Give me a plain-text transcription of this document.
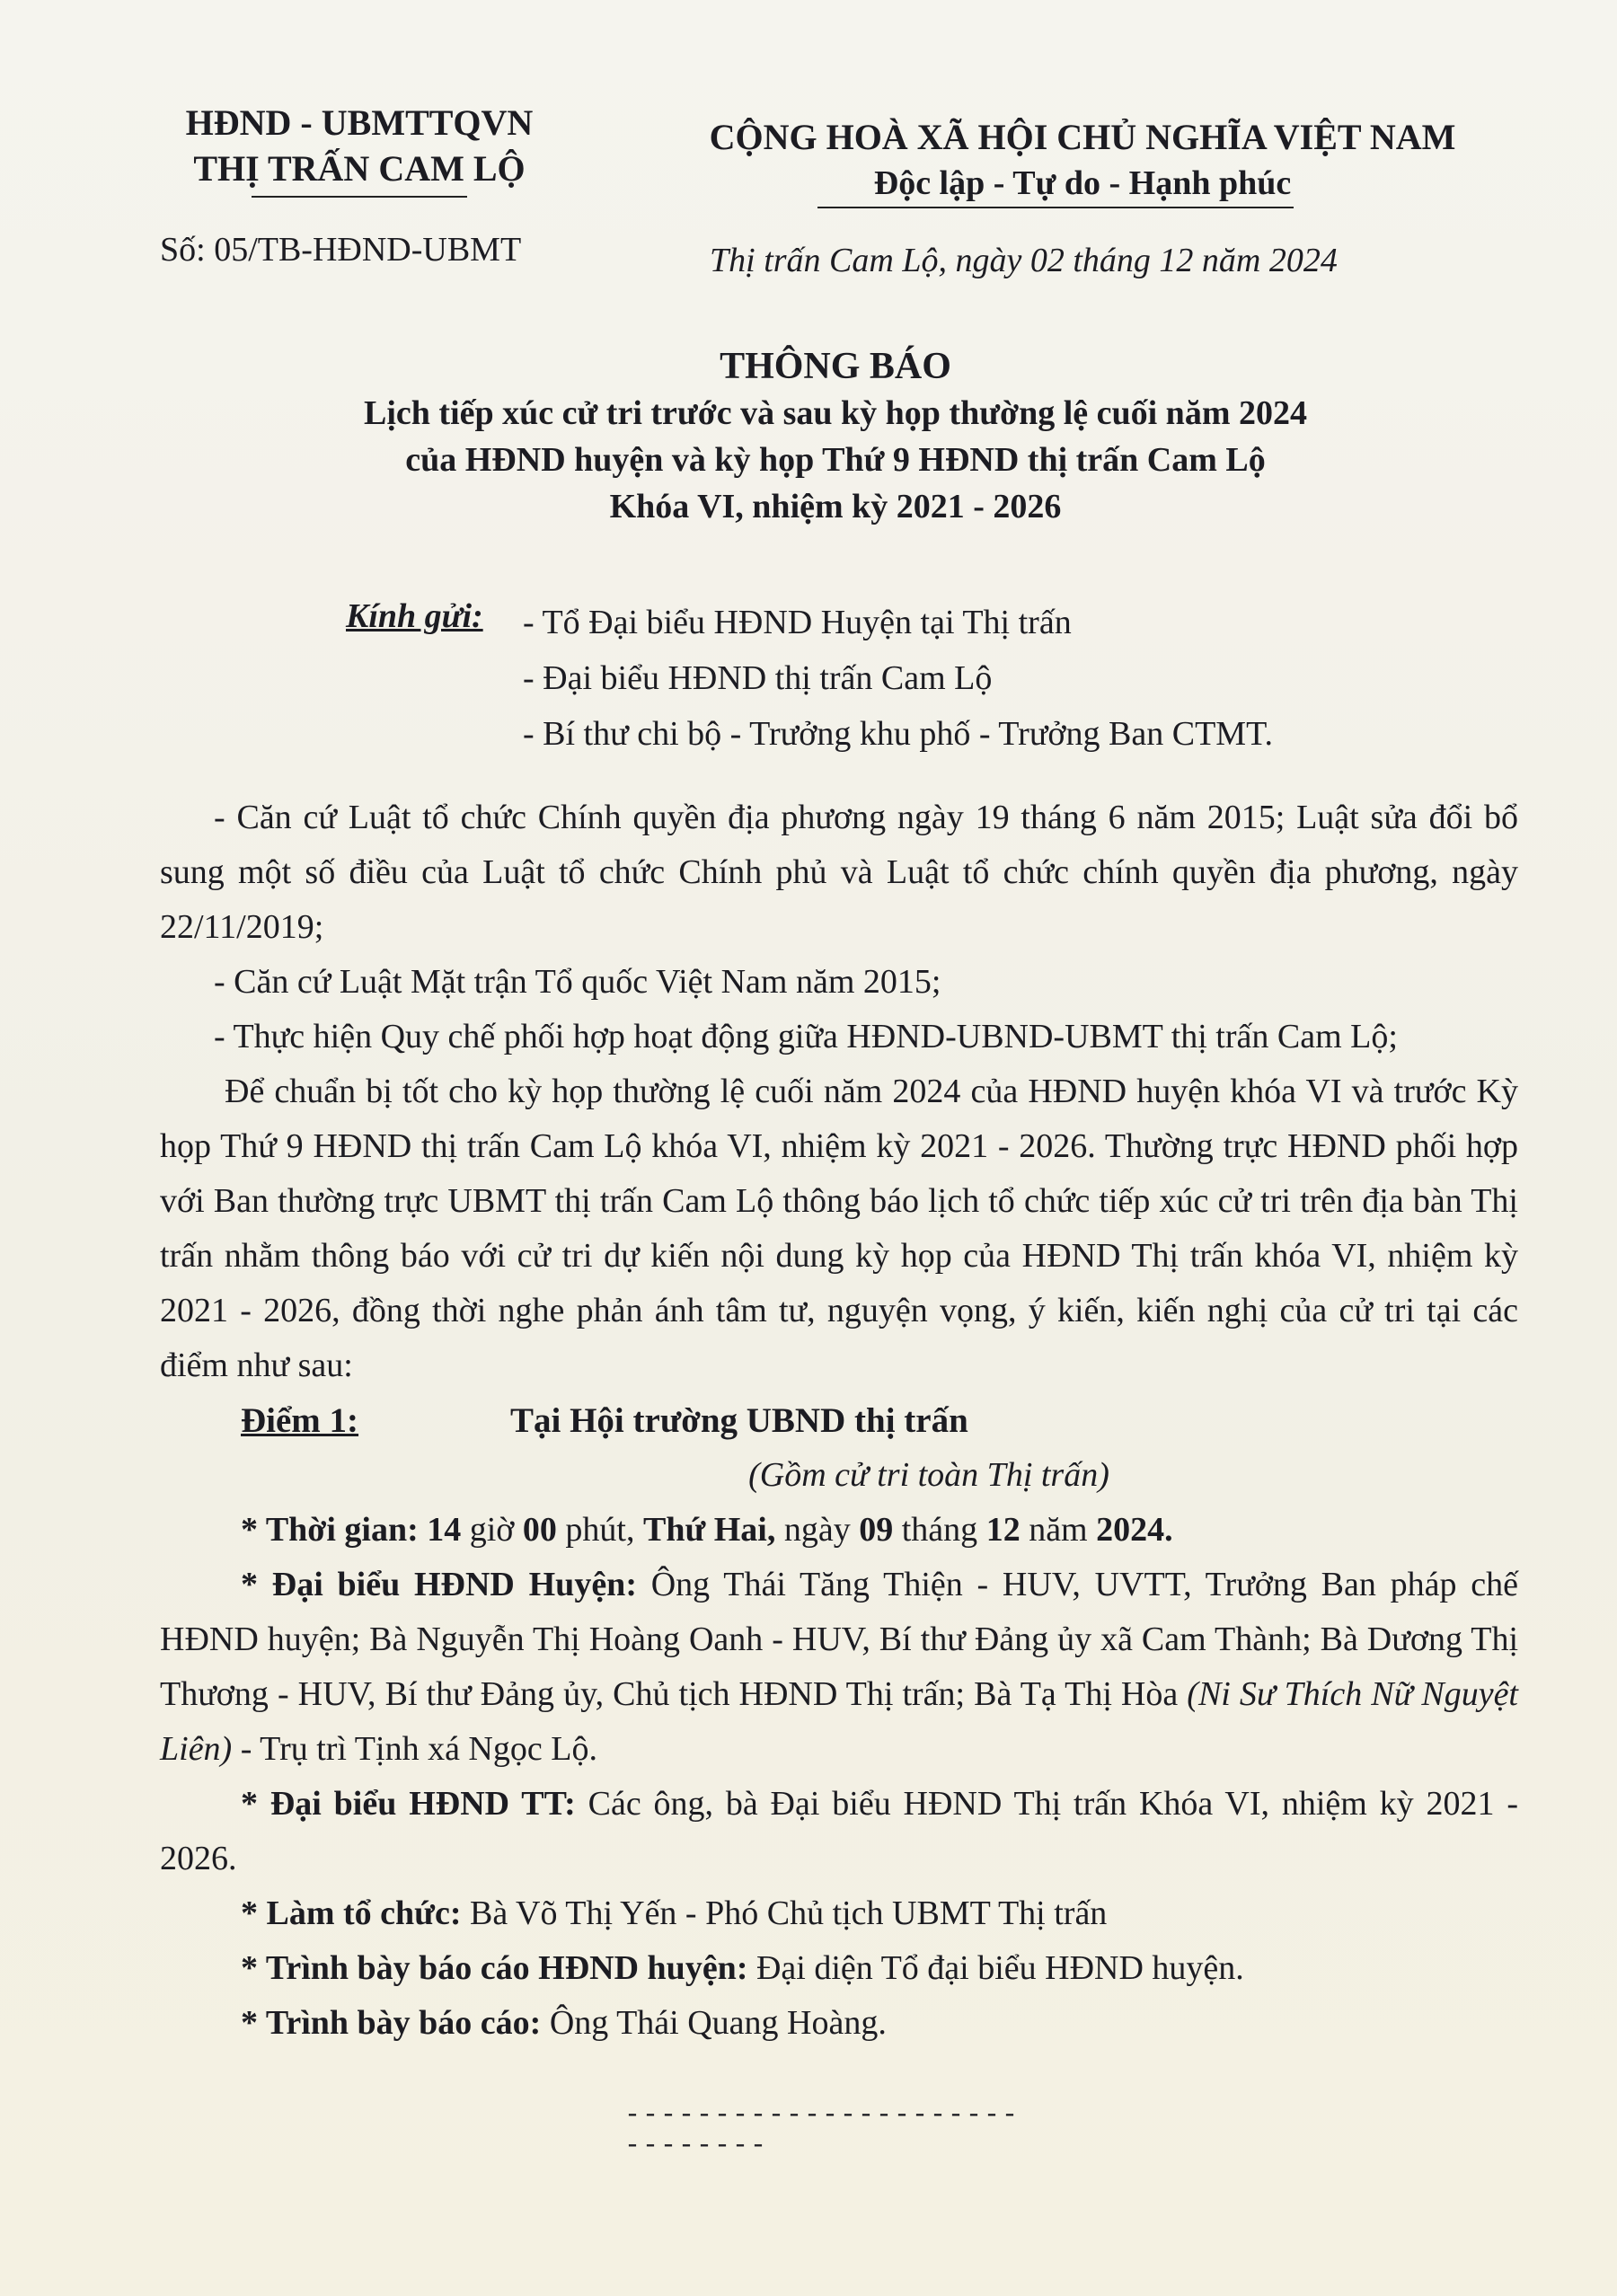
HĐND - UBMTTQVN
THỊ TRẤN CAM LỘ
CỘNG HOÀ XÃ HỘI CHỦ NGHĨA VIỆT NAM
Độc lập - Tự do - Hạnh phúc
Số: 05/TB-HĐND-UBMT	Thị trấn Cam Lộ, ngày 02 tháng 12 năm 2024
THÔNG BÁO
Lịch tiếp xúc cử tri trước và sau kỳ họp thường lệ cuối năm 2024
của HĐND huyện và kỳ họp Thứ 9 HĐND thị trấn Cam Lộ
Khóa VI, nhiệm kỳ 2021 - 2026
Kính gửi: - Tổ Đại biểu HĐND Huyện tại Thị trấn
- Đại biểu HĐND thị trấn Cam Lộ
- Bí thư chi bộ - Trưởng khu phố - Trưởng Ban CTMT.

- Căn cứ Luật tổ chức Chính quyền địa phương ngày 19 tháng 6 năm 2015; Luật sửa đổi bổ sung một số điều của Luật tổ chức Chính phủ và Luật tổ chức chính quyền địa phương, ngày 22/11/2019;

- Căn cứ Luật Mặt trận Tổ quốc Việt Nam năm 2015;

- Thực hiện Quy chế phối hợp hoạt động giữa HĐND-UBND-UBMT thị trấn Cam Lộ;

Để chuẩn bị tốt cho kỳ họp thường lệ cuối năm 2024 của HĐND huyện khóa VI và trước Kỳ họp Thứ 9 HĐND thị trấn Cam Lộ khóa VI, nhiệm kỳ 2021 - 2026. Thường trực HĐND phối hợp với Ban thường trực UBMT thị trấn Cam Lộ thông báo lịch tổ chức tiếp xúc cử tri trên địa bàn Thị trấn nhằm thông báo với cử tri dự kiến nội dung kỳ họp của HĐND Thị trấn khóa VI, nhiệm kỳ 2021 - 2026, đồng thời nghe phản ánh tâm tư, nguyện vọng, ý kiến, kiến nghị của cử tri tại các điểm như sau:

Điểm 1:	Tại Hội trường UBND thị trấn
(Gồm cử tri toàn Thị trấn)

* Thời gian: 14 giờ 00 phút, Thứ Hai, ngày 09 tháng 12 năm 2024.

* Đại biểu HĐND Huyện: Ông Thái Tăng Thiện - HUV, UVTT, Trưởng Ban pháp chế HĐND huyện; Bà Nguyễn Thị Hoàng Oanh - HUV, Bí thư Đảng ủy xã Cam Thành; Bà Dương Thị Thương - HUV, Bí thư Đảng ủy, Chủ tịch HĐND Thị trấn; Bà Tạ Thị Hòa (Ni Sư Thích Nữ Nguyệt Liên) - Trụ trì Tịnh xá Ngọc Lộ.

* Đại biểu HĐND TT: Các ông, bà Đại biểu HĐND Thị trấn Khóa VI, nhiệm kỳ 2021 - 2026.

* Làm tổ chức: Bà Võ Thị Yến - Phó Chủ tịch UBMT Thị trấn

* Trình bày báo cáo HĐND huyện: Đại diện Tổ đại biểu HĐND huyện.

* Trình bày báo cáo: Ông Thái Quang Hoàng.

------------------------------
